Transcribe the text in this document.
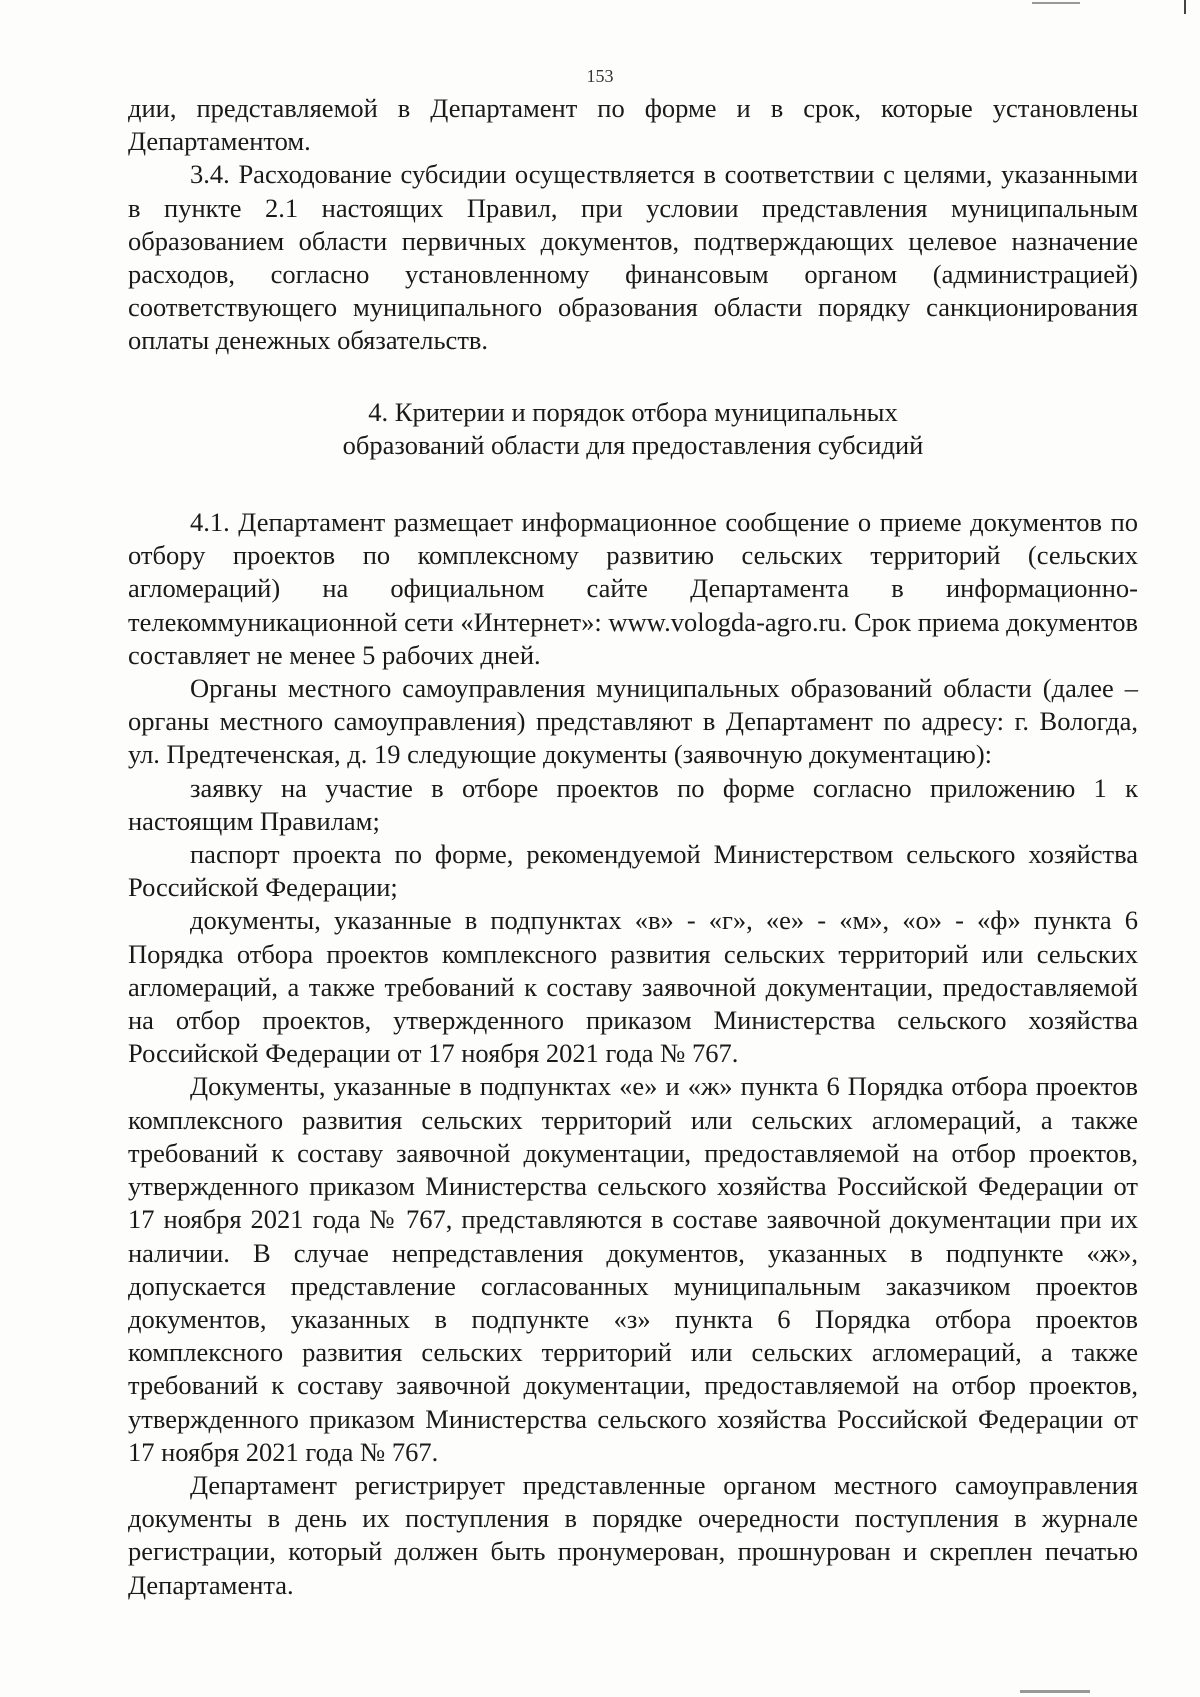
153

дии, представляемой в Департамент по форме и в срок, которые установлены Департаментом.

3.4. Расходование субсидии осуществляется в соответствии с целями, указанными в пункте 2.1 настоящих Правил, при условии представления муниципальным образованием области первичных документов, подтверждающих целевое назначение расходов, согласно установленному финансовым органом (администрацией) соответствующего муниципального образования области порядку санкционирования оплаты денежных обязательств.

4. Критерии и порядок отбора муниципальных
образований области для предоставления субсидий

4.1. Департамент размещает информационное сообщение о приеме документов по отбору проектов по комплексному развитию сельских территорий (сельских агломераций) на официальном сайте Департамента в информационно-телекоммуникационной сети «Интернет»: www.vologda-agro.ru. Срок приема документов составляет не менее 5 рабочих дней.

Органы местного самоуправления муниципальных образований области (далее – органы местного самоуправления) представляют в Департамент по адресу: г. Вологда, ул. Предтеченская, д. 19 следующие документы (заявочную документацию):

заявку на участие в отборе проектов по форме согласно приложению 1 к настоящим Правилам;

паспорт проекта по форме, рекомендуемой Министерством сельского хозяйства Российской Федерации;

документы, указанные в подпунктах «в» - «г», «е» - «м», «о» - «ф» пункта 6 Порядка отбора проектов комплексного развития сельских территорий или сельских агломераций, а также требований к составу заявочной документации, предоставляемой на отбор проектов, утвержденного приказом Министерства сельского хозяйства Российской Федерации от 17 ноября 2021 года № 767.

Документы, указанные в подпунктах «е» и «ж» пункта 6 Порядка отбора проектов комплексного развития сельских территорий или сельских агломераций, а также требований к составу заявочной документации, предоставляемой на отбор проектов, утвержденного приказом Министерства сельского хозяйства Российской Федерации от 17 ноября 2021 года № 767, представляются в составе заявочной документации при их наличии. В случае непредставления документов, указанных в подпункте «ж», допускается представление согласованных муниципальным заказчиком проектов документов, указанных в подпункте «з» пункта 6 Порядка отбора проектов комплексного развития сельских территорий или сельских агломераций, а также требований к составу заявочной документации, предоставляемой на отбор проектов, утвержденного приказом Министерства сельского хозяйства Российской Федерации от 17 ноября 2021 года № 767.

Департамент регистрирует представленные органом местного самоуправления документы в день их поступления в порядке очередности поступления в журнале регистрации, который должен быть пронумерован, прошнурован и скреплен печатью Департамента.
